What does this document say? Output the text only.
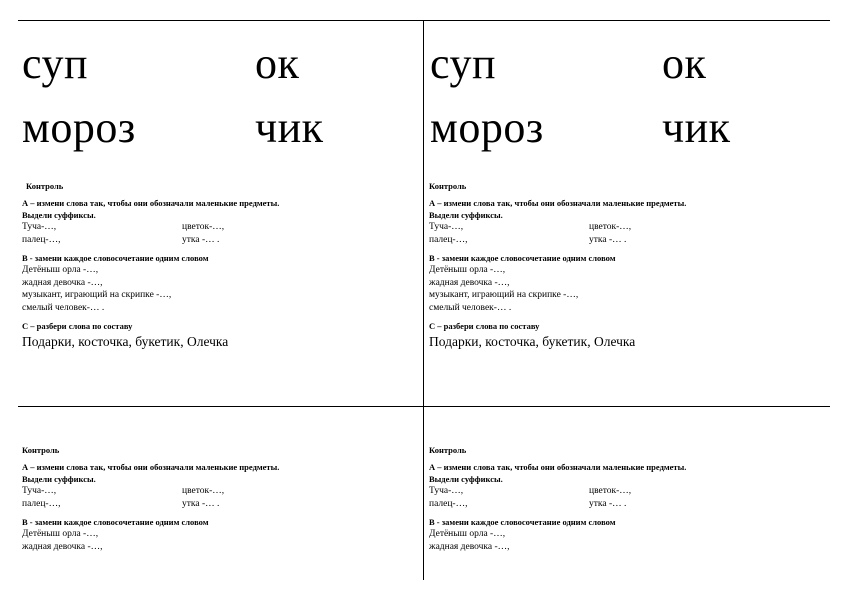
суп	ок
мороз	чик
суп	ок
мороз	чик
Контроль
А – измени слова так, чтобы они обозначали маленькие предметы.
Выдели суффиксы.
Туча-…,	цветок-…,
палец-…,	утка -… .
В - замени каждое словосочетание одним словом
Детёныш орла -…,
жадная девочка -…,
музыкант, играющий на скрипке -…,
смелый человек-… .
С – разбери слова по составу
Подарки, косточка, букетик, Олечка
Контроль
А – измени слова так, чтобы они обозначали маленькие предметы.
Выдели суффиксы.
Туча-…,	цветок-…,
палец-…,	утка -… .
В - замени каждое словосочетание одним словом
Детёныш орла -…,
жадная девочка -…,
музыкант, играющий на скрипке -…,
смелый человек-… .
С – разбери слова по составу
Подарки, косточка, букетик, Олечка
Контроль
А – измени слова так, чтобы они обозначали маленькие предметы.
Выдели суффиксы.
Туча-…,	цветок-…,
палец-…,	утка -… .
В - замени каждое словосочетание одним словом
Детёныш орла -…,
жадная девочка -…,
Контроль
А – измени слова так, чтобы они обозначали маленькие предметы.
Выдели суффиксы.
Туча-…,	цветок-…,
палец-…,	утка -… .
В - замени каждое словосочетание одним словом
Детёныш орла -…,
жадная девочка -…,
